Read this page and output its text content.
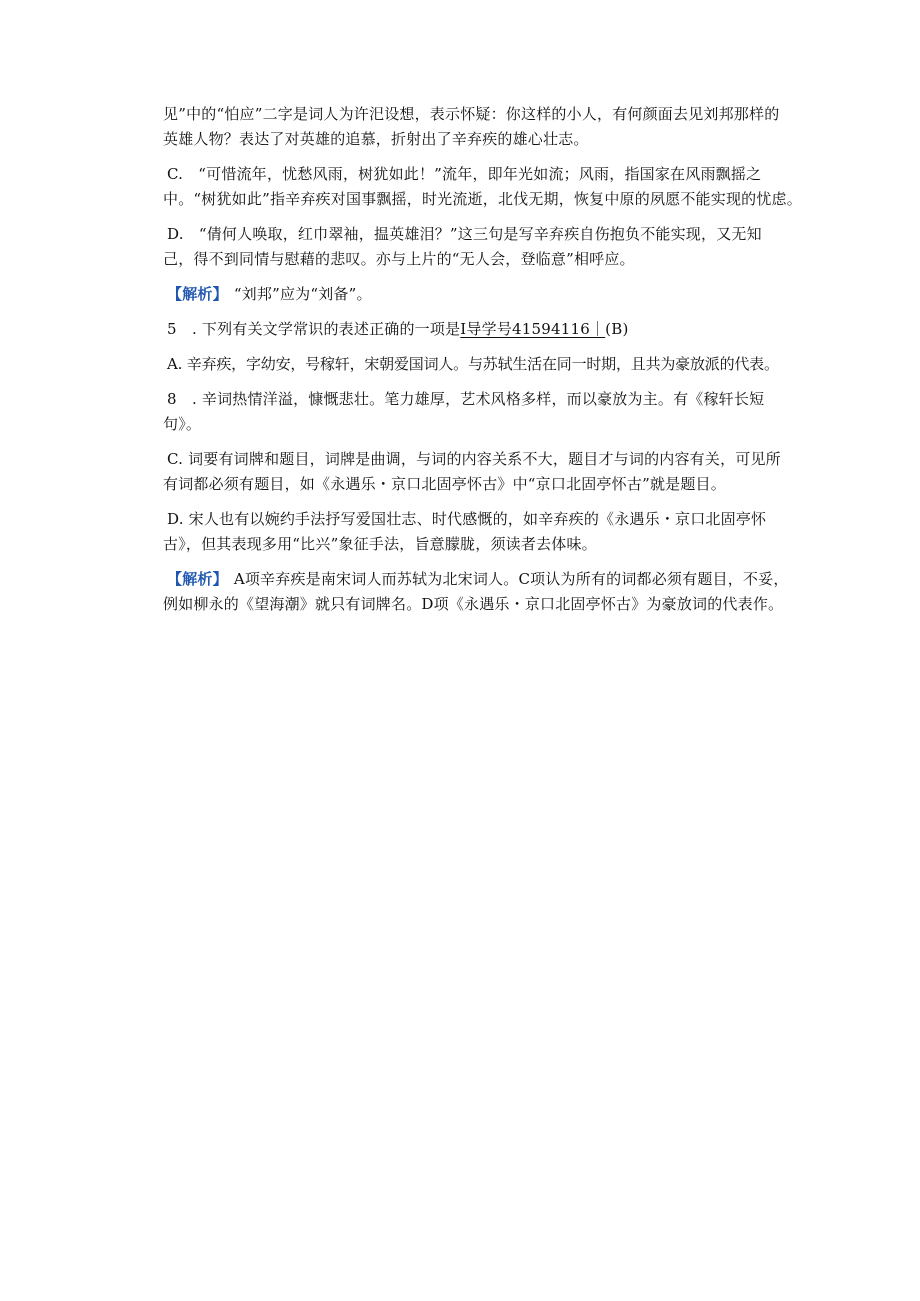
见”中的“怕应”二字是词人为许汜设想，表示怀疑：你这样的小人，有何颜面去见刘邦那样的
英雄人物？表达了对英雄的追慕，折射出了辛弃疾的雄心壮志。
C.　“可惜流年，忧愁风雨，树犹如此！”流年，即年光如流；风雨，指国家在风雨飘摇之
中。“树犹如此”指辛弃疾对国事飘摇，时光流逝，北伐无期，恢复中原的夙愿不能实现的忧虑。
D.　“倩何人唤取，红巾翠袖，揾英雄泪？”这三句是写辛弃疾自伤抱负不能实现，又无知
己，得不到同情与慰藉的悲叹。亦与上片的“无人会，登临意”相呼应。
【解析】 “刘邦”应为“刘备”。
5　. 下列有关文学常识的表述正确的一项是I导学号41594116｜(B)
A. 辛弃疾，字幼安，号稼轩，宋朝爱国词人。与苏轼生活在同一时期，且共为豪放派的代表。
8　. 辛词热情洋溢，慷慨悲壮。笔力雄厚，艺术风格多样，而以豪放为主。有《稼轩长短
句》。
C. 词要有词牌和题目，词牌是曲调，与词的内容关系不大，题目才与词的内容有关，可见所
有词都必须有题目，如《永遇乐・京口北固亭怀古》中“京口北固亭怀古”就是题目。
D. 宋人也有以婉约手法抒写爱国壮志、时代感慨的，如辛弃疾的《永遇乐・京口北固亭怀
古》，但其表现多用“比兴”象征手法，旨意朦胧，须读者去体味。
【解析】 A项辛弃疾是南宋词人而苏轼为北宋词人。C项认为所有的词都必须有题目，不妥，
例如柳永的《望海潮》就只有词牌名。D项《永遇乐・京口北固亭怀古》为豪放词的代表作。
